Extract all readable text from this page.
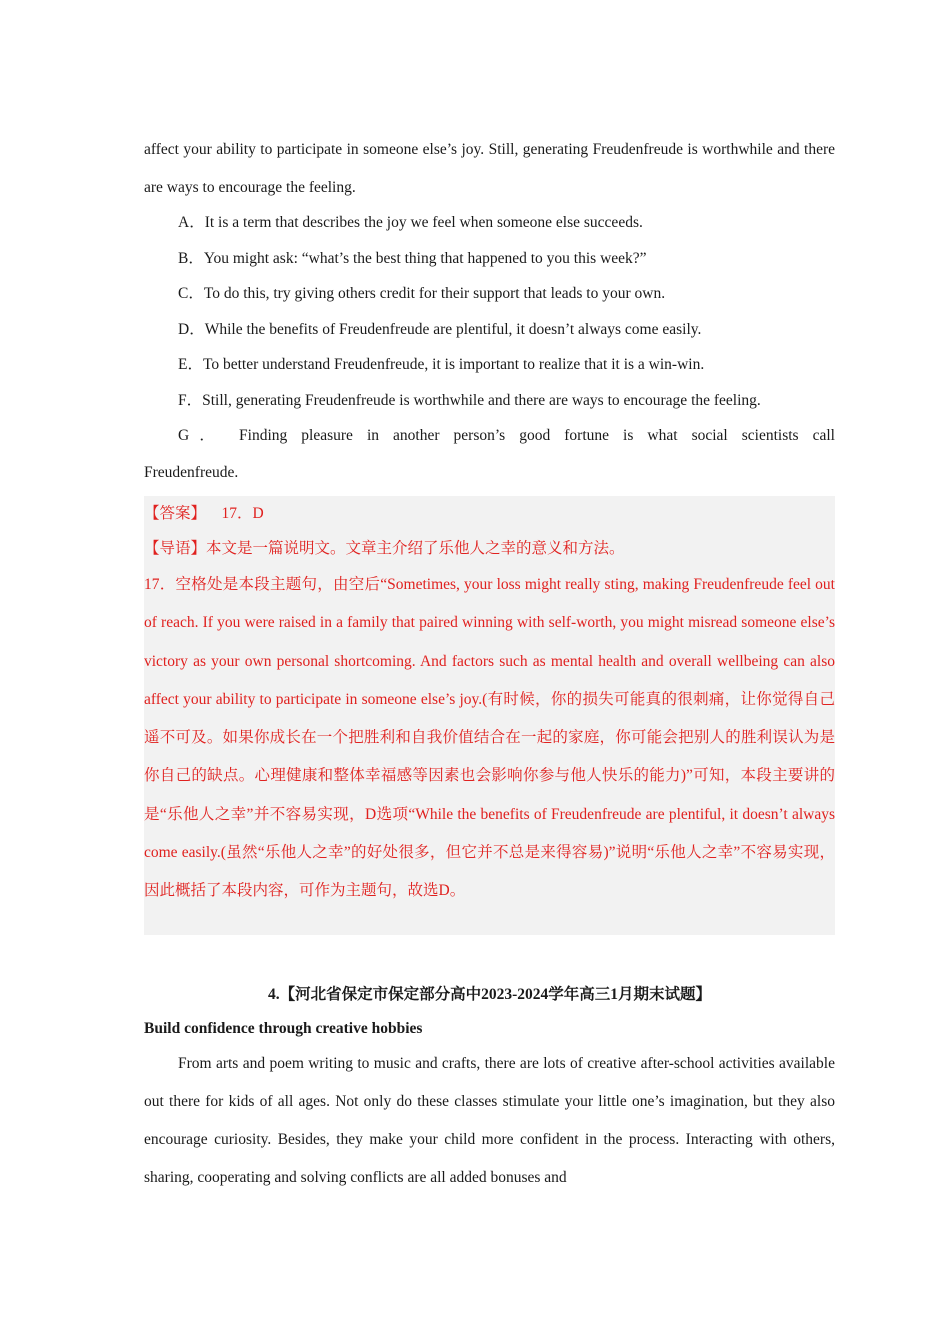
affect your ability to participate in someone else’s joy. Still, generating Freudenfreude is worthwhile and there are ways to encourage the feeling.

A．It is a term that describes the joy we feel when someone else succeeds.

B．You might ask: “what’s the best thing that happened to you this week?”

C．To do this, try giving others credit for their support that leads to your own.

D．While the benefits of Freudenfreude are plentiful, it doesn’t always come easily.

E．To better understand Freudenfreude, it is important to realize that it is a win-win.

F．Still, generating Freudenfreude is worthwhile and there are ways to encourage the feeling.

G． Finding pleasure in another person’s good fortune is what social scientists call
Freudenfreude.

【答案】 17．D

【导语】本文是一篇说明文。文章主介绍了乐他人之幸的意义和方法。

17．空格处是本段主题句，由空后“Sometimes, your loss might really sting, making Freudenfreude feel out of reach. If you were raised in a family that paired winning with self-worth, you might misread someone else’s victory as your own personal shortcoming. And factors such as mental health and overall wellbeing can also affect your ability to participate in someone else’s joy.(有时候，你的损失可能真的很刺痛，让你觉得自己遥不可及。如果你成长在一个把胜利和自我价值结合在一起的家庭，你可能会把别人的胜利误认为是你自己的缺点。心理健康和整体幸福感等因素也会影响你参与他人快乐的能力)”可知，本段主要讲的是“乐他人之幸”并不容易实现，D选项“While the benefits of Freudenfreude are plentiful, it doesn’t always come easily.(虽然“乐他人之幸”的好处很多，但它并不总是来得容易)”说明“乐他人之幸”不容易实现，因此概括了本段内容，可作为主题句，故选D。

4.【河北省保定市保定部分高中2023-2024学年高三1月期末试题】
Build confidence through creative hobbies

From arts and poem writing to music and crafts, there are lots of creative after-school activities available out there for kids of all ages. Not only do these classes stimulate your little one’s imagination, but they also encourage curiosity. Besides, they make your child more confident in the process. Interacting with others, sharing, cooperating and solving conflicts are all added bonuses and
